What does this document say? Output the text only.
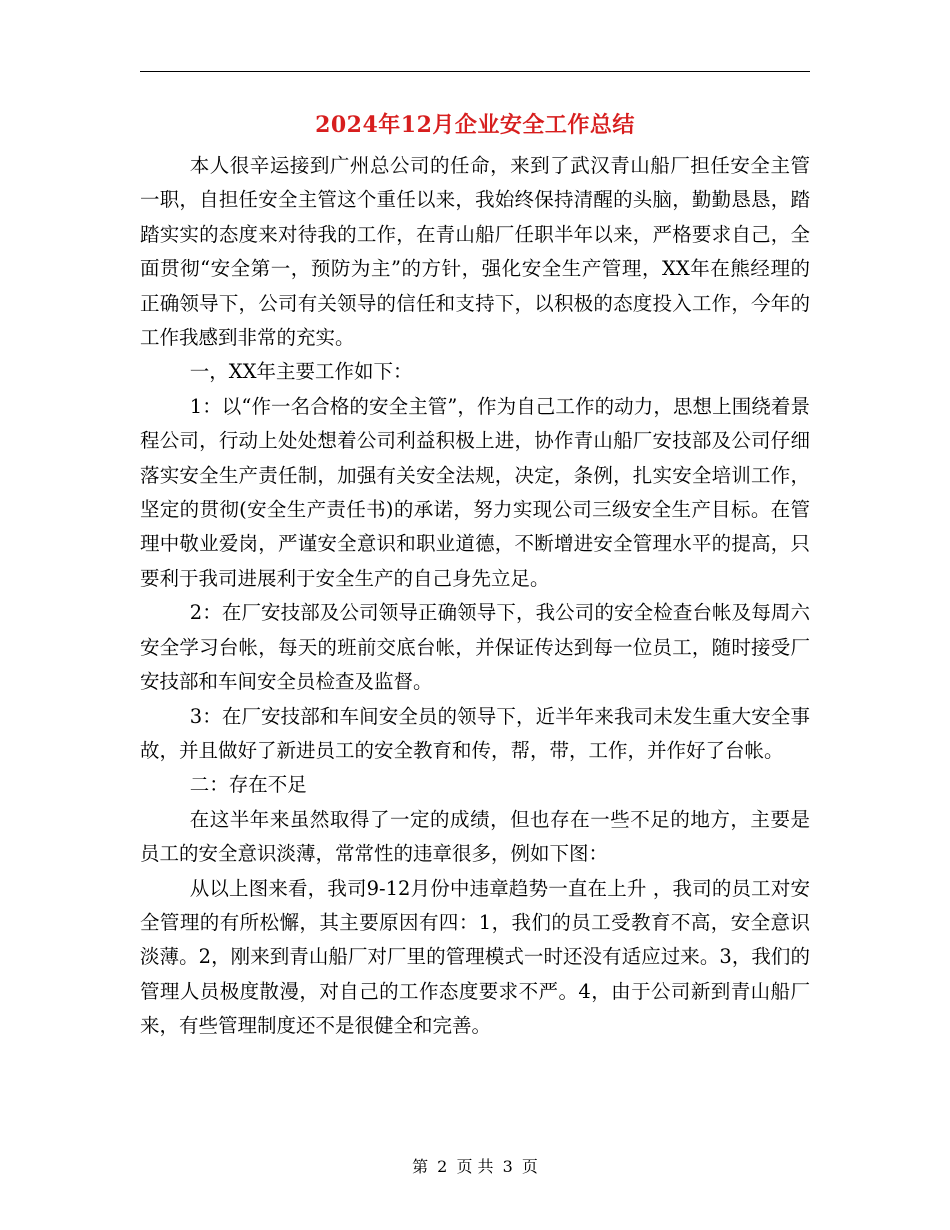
2024年12月企业安全工作总结

本人很辛运接到广州总公司的任命，来到了武汉青山船厂担任安全主管一职，自担任安全主管这个重任以来，我始终保持清醒的头脑，勤勤恳恳，踏踏实实的态度来对待我的工作，在青山船厂任职半年以来，严格要求自己，全面贯彻“安全第一，预防为主”的方针，强化安全生产管理，XX年在熊经理的正确领导下，公司有关领导的信任和支持下，以积极的态度投入工作，今年的工作我感到非常的充实。

一，XX年主要工作如下：

1：以“作一名合格的安全主管”，作为自己工作的动力，思想上围绕着景程公司，行动上处处想着公司利益积极上进，协作青山船厂安技部及公司仔细落实安全生产责任制，加强有关安全法规，决定，条例，扎实安全培训工作，坚定的贯彻(安全生产责任书)的承诺，努力实现公司三级安全生产目标。在管理中敬业爱岗，严谨安全意识和职业道德，不断增进安全管理水平的提高，只要利于我司进展利于安全生产的自己身先立足。

2：在厂安技部及公司领导正确领导下，我公司的安全检查台帐及每周六安全学习台帐，每天的班前交底台帐，并保证传达到每一位员工，随时接受厂安技部和车间安全员检查及监督。

3：在厂安技部和车间安全员的领导下，近半年来我司未发生重大安全事故，并且做好了新进员工的安全教育和传，帮，带，工作，并作好了台帐。

二：存在不足

在这半年来虽然取得了一定的成绩，但也存在一些不足的地方，主要是员工的安全意识淡薄，常常性的违章很多，例如下图：

从以上图来看，我司9-12月份中违章趋势一直在上升 ，我司的员工对安全管理的有所松懈，其主要原因有四：1，我们的员工受教育不高，安全意识淡薄。2，刚来到青山船厂对厂里的管理模式一时还没有适应过来。3，我们的管理人员极度散漫，对自己的工作态度要求不严。4，由于公司新到青山船厂来，有些管理制度还不是很健全和完善。

第 2 页 共 3 页
